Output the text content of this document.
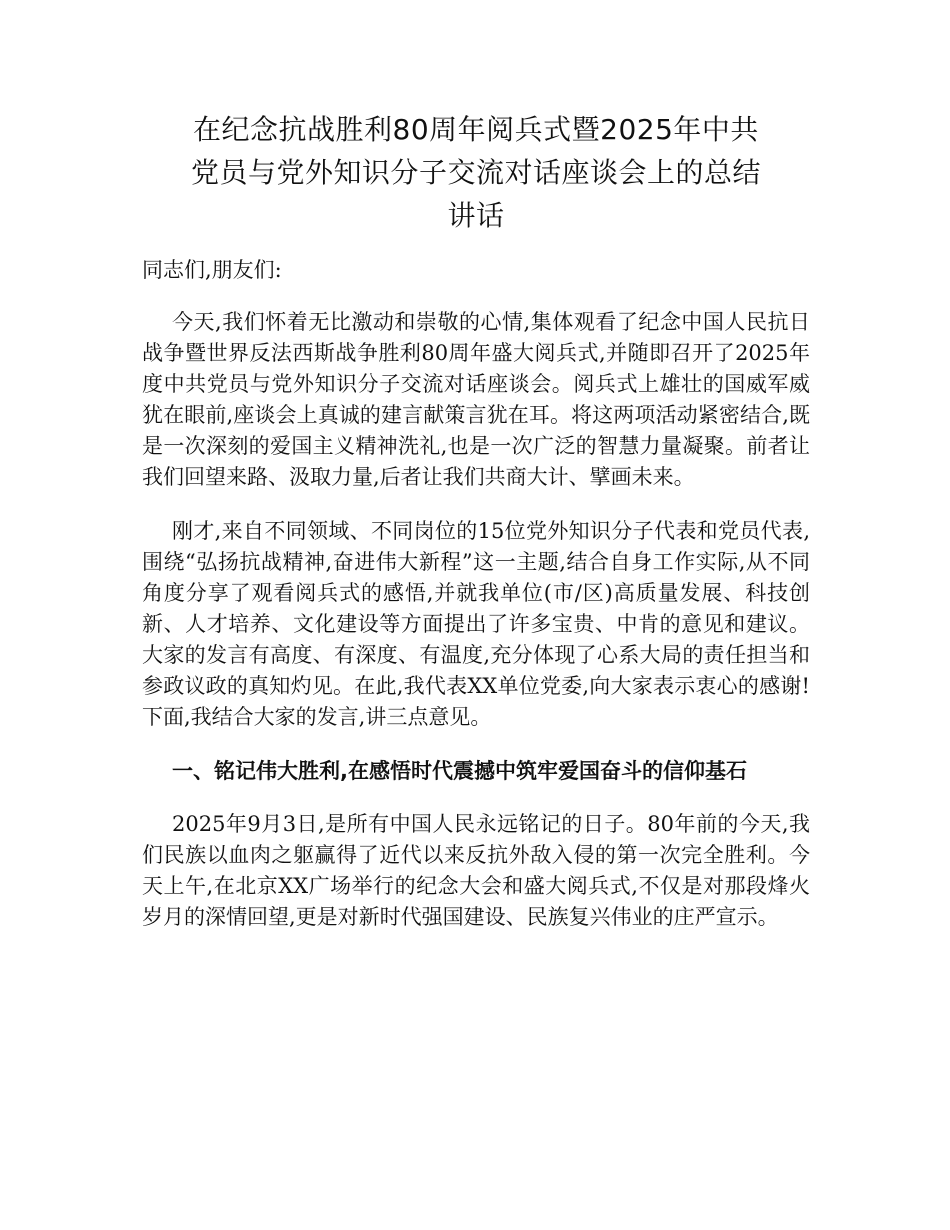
在纪念抗战胜利80周年阅兵式暨2025年中共
党员与党外知识分子交流对话座谈会上的总结
讲话

同志们,朋友们:

今天,我们怀着无比激动和崇敬的心情,集体观看了纪念中国人民抗日战争暨世界反法西斯战争胜利80周年盛大阅兵式,并随即召开了2025年度中共党员与党外知识分子交流对话座谈会。阅兵式上雄壮的国威军威犹在眼前,座谈会上真诚的建言献策言犹在耳。将这两项活动紧密结合,既是一次深刻的爱国主义精神洗礼,也是一次广泛的智慧力量凝聚。前者让我们回望来路、汲取力量,后者让我们共商大计、擘画未来。

刚才,来自不同领域、不同岗位的15位党外知识分子代表和党员代表,围绕“弘扬抗战精神,奋进伟大新程”这一主题,结合自身工作实际,从不同角度分享了观看阅兵式的感悟,并就我单位(市/区)高质量发展、科技创新、人才培养、文化建设等方面提出了许多宝贵、中肯的意见和建议。大家的发言有高度、有深度、有温度,充分体现了心系大局的责任担当和参政议政的真知灼见。在此,我代表XX单位党委,向大家表示衷心的感谢!下面,我结合大家的发言,讲三点意见。

一、铭记伟大胜利,在感悟时代震撼中筑牢爱国奋斗的信仰基石

2025年9月3日,是所有中国人民永远铭记的日子。80年前的今天,我们民族以血肉之躯赢得了近代以来反抗外敌入侵的第一次完全胜利。今天上午,在北京XX广场举行的纪念大会和盛大阅兵式,不仅是对那段烽火岁月的深情回望,更是对新时代强国建设、民族复兴伟业的庄严宣示。
